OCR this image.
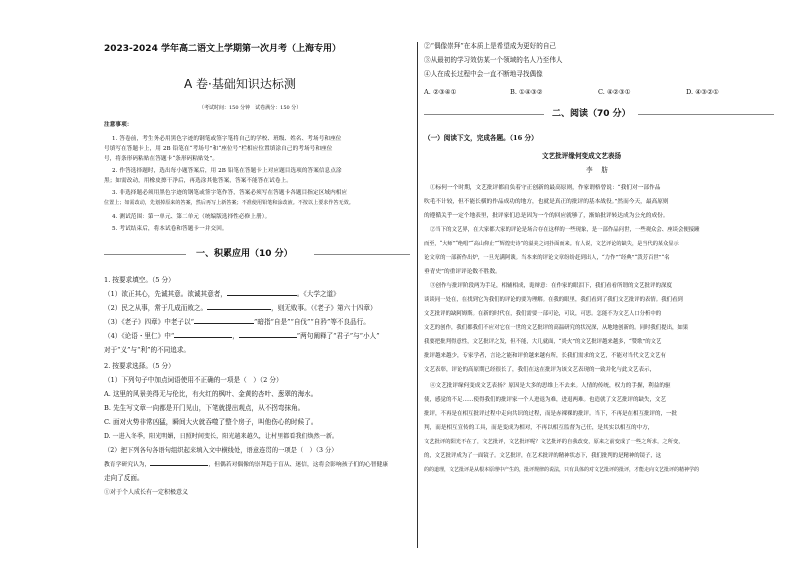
2023-2024 学年高二语文上学期第一次月考（上海专用）
A 卷·基础知识达标测
（考试时间：150 分钟　试卷满分：150 分）
注意事项：
1. 答卷前，考生务必用黑色字迹的钢笔或签字笔将自己的学校、班级、姓名、考场号和座位
号填写在答题卡上，用 2B 铅笔在“考场号”和“座位号”栏相应位置填涂自己的考场号和座位
号，将条形码粘贴在答题卡“条形码粘贴处”。
2. 作答选择题时，选出每小题答案后，用 2B 铅笔在答题卡上对应题目选项的答案信息点涂
黑；如需改动，用橡皮擦干净后，再选涂其他答案，答案不能答在试卷上。
3. 非选择题必须用黑色字迹的钢笔或签字笔作答，答案必须写在答题卡各题目指定区域内相应
位置上；如需改动，先划掉原来的答案，然后再写上新答案；不准使用铅笔和涂改液。不按以上要求作答无效。
4. 测试范围：第一单元、第二单元（统编版选择性必修上册）。
5. 考试结束后，将本试卷和答题卡一并交回。
一、积累应用（10 分）
1. 按要求填空。（5 分）
（1）欲正其心，先诚其意。欲诚其意者，	。《大学之道》
（2）民之从事，常于几成而败之。	，则无败事。（《老子》第六十四章）
（3）《老子》四章》中老子以“	”暗指“自是”“自伐”“自矜”等不良品行。
（4）《论语・里仁》中“	，	”两句阐释了“君子”与“小人”
对于“义”与“利”的不同追求。
2. 按要求选择。（5 分）
（1）下列句子中加点词语使用不正确的一项是（　）（2 分）
A. 这里的风景美得无与伦比，有火红的枫叶、金黄的杏叶、葱翠的海水。
B. 先生写文章一向都是开门见山，下笔就提出观点，从不拐弯抹角。
C. 面对火势非常凶猛，瞬间大火就吞噬了整个房子，叫他伤心的时候了。
D. 一进入冬季，阳光明媚，日照时间变长，阳光越来越久，让村里都看我们焕然一新。
（2）把下列各句各语句组织起来填入文中横线处，语意连贯的一项是（　）（3 分）
教育学研究认为，	，但偶若对偶像的崇拜趋于盲从、迷信，这将会影响孩子们的心智健康
走向了反面。
①对于个人成长有一定积极意义
②“偶像崇拜”在本质上是希望成为更好的自己
③从最初的学习效仿某一个领域的名人乃至伟人
④人在成长过程中会一直不断地寻找偶像
A. ②③④①	B. ①④③②	C. ④②③①	D. ④③②①
二、阅读（70 分）
（一）阅读下文，完成各题。（16 分）
文艺批评缘何变成文艺表扬
李 　舫
①标何一个时期，文艺批评都肩负着守正创新的最高原则，作家谓格曾说：“我们对一部作品
吹毛不计较，但不能长横的作品成功的地方，也就是真正的批评的基本战役。”然而今天，最高原则
的遵循关乎一定个地表里，批评家们总是因为一个的回应就够了，渐始批评转达成为公允的成份。
②当下的文艺界，在大家都大家的评论是场合存在这样的一些现象，是一部作品问世，一些观众会、座谈会便接踵
而至，“大师”“绝唱”“高山仰止”“辉煌史诗”的溢美之词扑面而来。有人说，文艺评论的缺失，是当代的某众显示
论文章的一部新作出炉，一旦光满阿谀。当本来的评论文章纷纷赶到出人，“力作”“经典”“泼芳百世”“名
垂青史”的重评评论数不胜数。
③创作与批评阶段两为手足，相辅相成，诡辩意：在作家的眼泪下，我们看看所谓的文艺批评的深度
谈谈同一处在，在找到它为我们的评论的要为理解。在我的眼里，我们看到了我们文艺批评的表情。我们看到
文艺批评的缺阿姆斯。在新的时代在，我们需要一部可论，可议，可思。怎能不为文艺人口分析中的
文艺的创作，我们都我们不应对它在一世的文艺批评的高温研究的状况深，从地地创新的。同时我们提出，如果
我要把批判得意性，文艺批评之发，但不能，大几就面，“炎火”的文艺批评越来越多，“赞歌”的文艺
批评越来越少，专家学者，言论之能和评价越来越有所，长我们需求的文艺，不能对当代文艺文艺有
文艺表彰，评论的高原期已经很长了，我们在这在批评为该文艺表现的一致并化与此文艺表示，
④文艺批评缘何变成文艺表扬？原因是大多的思维上不去来。人情的传统，权力的手握，利益的驱
使，感觉的不足……使得我们的批评家一个人进退为难，进退两难。也造就了文艺批评的缺失，文艺
批评，不再是在相互批评过程中走向共识的过程，而是赤裸裸的批评。当下，不再是在相互批评的，一批
判，而是相互宣传的工具，而是变成为相对，不再以相互监督为己任，是其实以相互的中方，
文艺批评的阳光不在了，文艺批评，文艺批评呢？文艺批评的自我改变，原来之前变成了一些之所求，之所变，
的，文艺批评成为了一面镜子。文艺批评，在艺术批评的精神状态下，我们批判的是精神的镜子，这
的的道理，文艺批评是从根本原理中产生的，批评规律的说法，只有具体的对文艺批评的批评，才能走向文艺批评的精神学的
